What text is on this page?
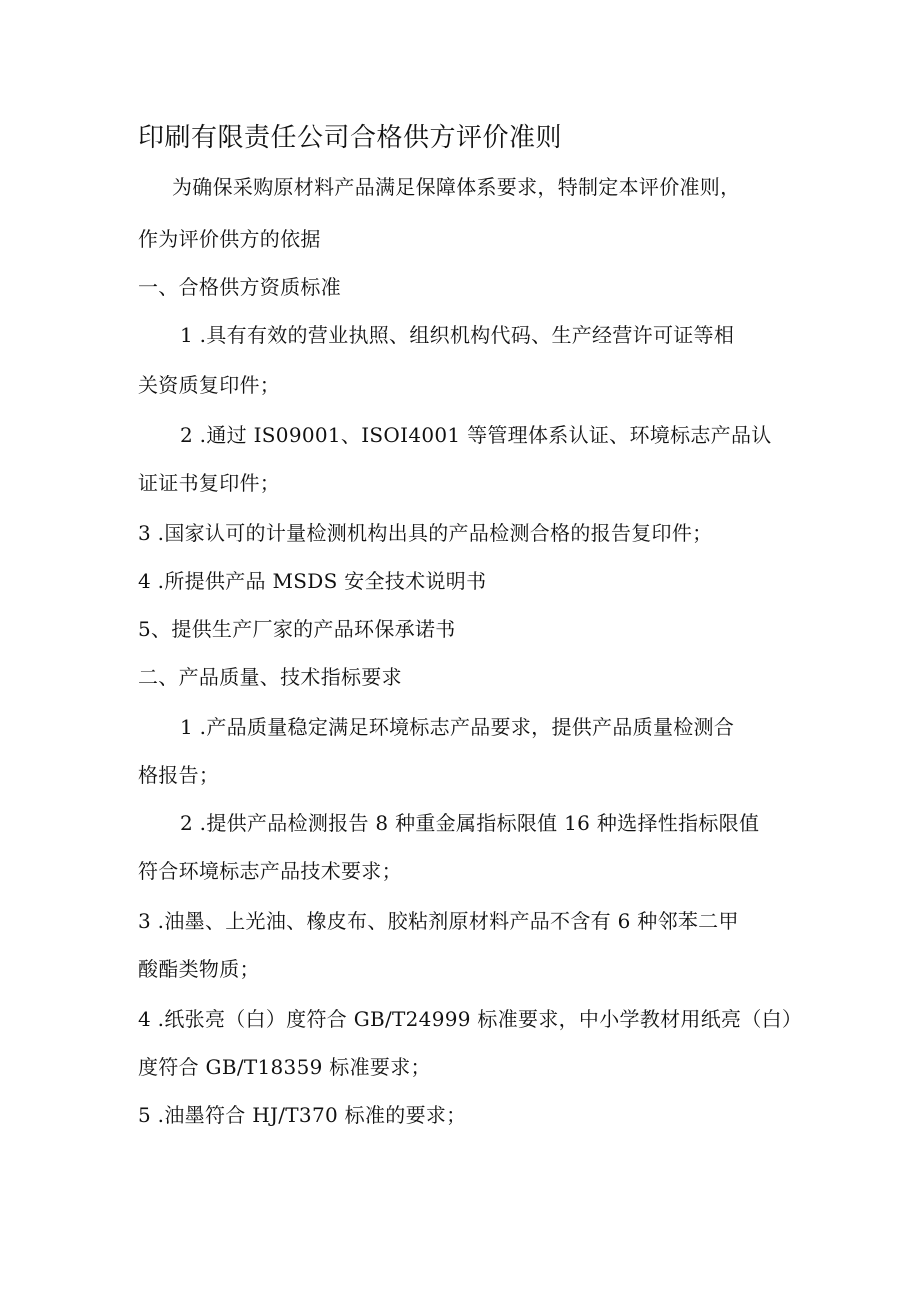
印刷有限责任公司合格供方评价准则
为确保采购原材料产品满足保障体系要求，特制定本评价准则，
作为评价供方的依据
一、合格供方资质标准
1 .具有有效的营业执照、组织机构代码、生产经营许可证等相
关资质复印件；
2 .通过 IS09001、ISOI4001 等管理体系认证、环境标志产品认
证证书复印件；
3 .国家认可的计量检测机构出具的产品检测合格的报告复印件；
4 .所提供产品 MSDS 安全技术说明书
5、提供生产厂家的产品环保承诺书
二、产品质量、技术指标要求
1 .产品质量稳定满足环境标志产品要求，提供产品质量检测合
格报告；
2 .提供产品检测报告 8 种重金属指标限值 16 种选择性指标限值
符合环境标志产品技术要求；
3 .油墨、上光油、橡皮布、胶粘剂原材料产品不含有 6 种邻苯二甲
酸酯类物质；
4 .纸张亮（白）度符合 GB/T24999 标准要求，中小学教材用纸亮（白）
度符合 GB/T18359 标准要求；
5 .油墨符合 HJ/T370 标准的要求；
